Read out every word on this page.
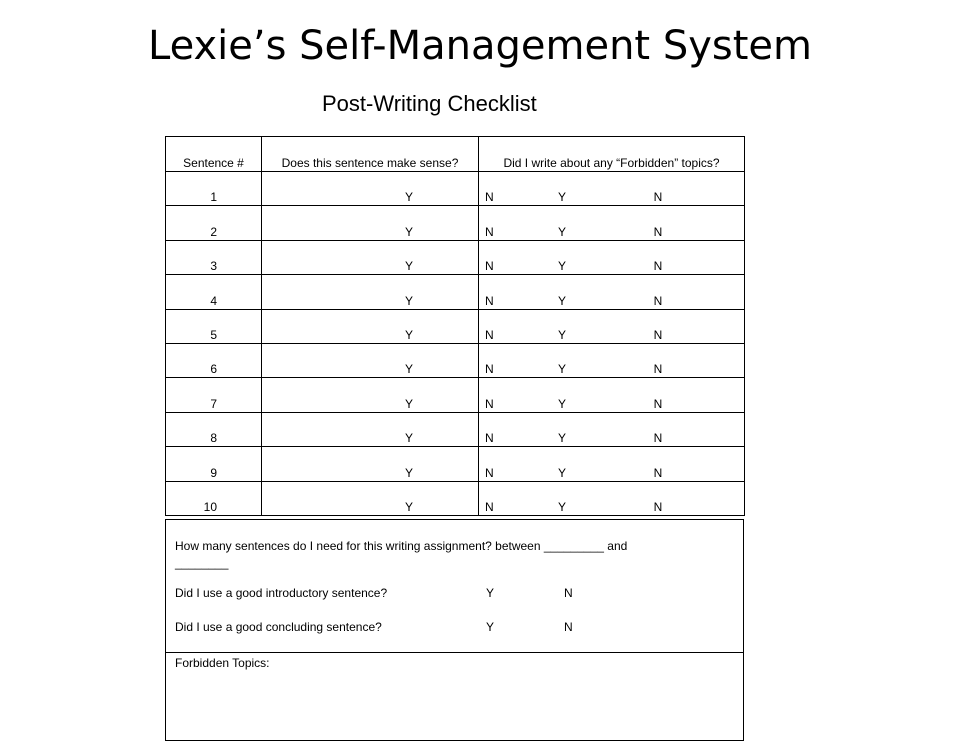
Lexie’s Self-Management System
Post-Writing Checklist
Sentence #	Does this sentence make sense?	Did I write about any “Forbidden” topics?
1	Y N	Y N

2	Y N	Y N

3	Y N	Y N

4	Y N	Y N

5	Y N	Y N

6	Y N	Y N

7	Y N	Y N

8	Y N	Y N

9	Y N	Y N

10	Y N	Y N
How many sentences do I need for this writing assignment? between _________ and
________
Did I use a good introductory sentence?	Y	N
Did I use a good concluding sentence?	Y	N
Forbidden Topics:
